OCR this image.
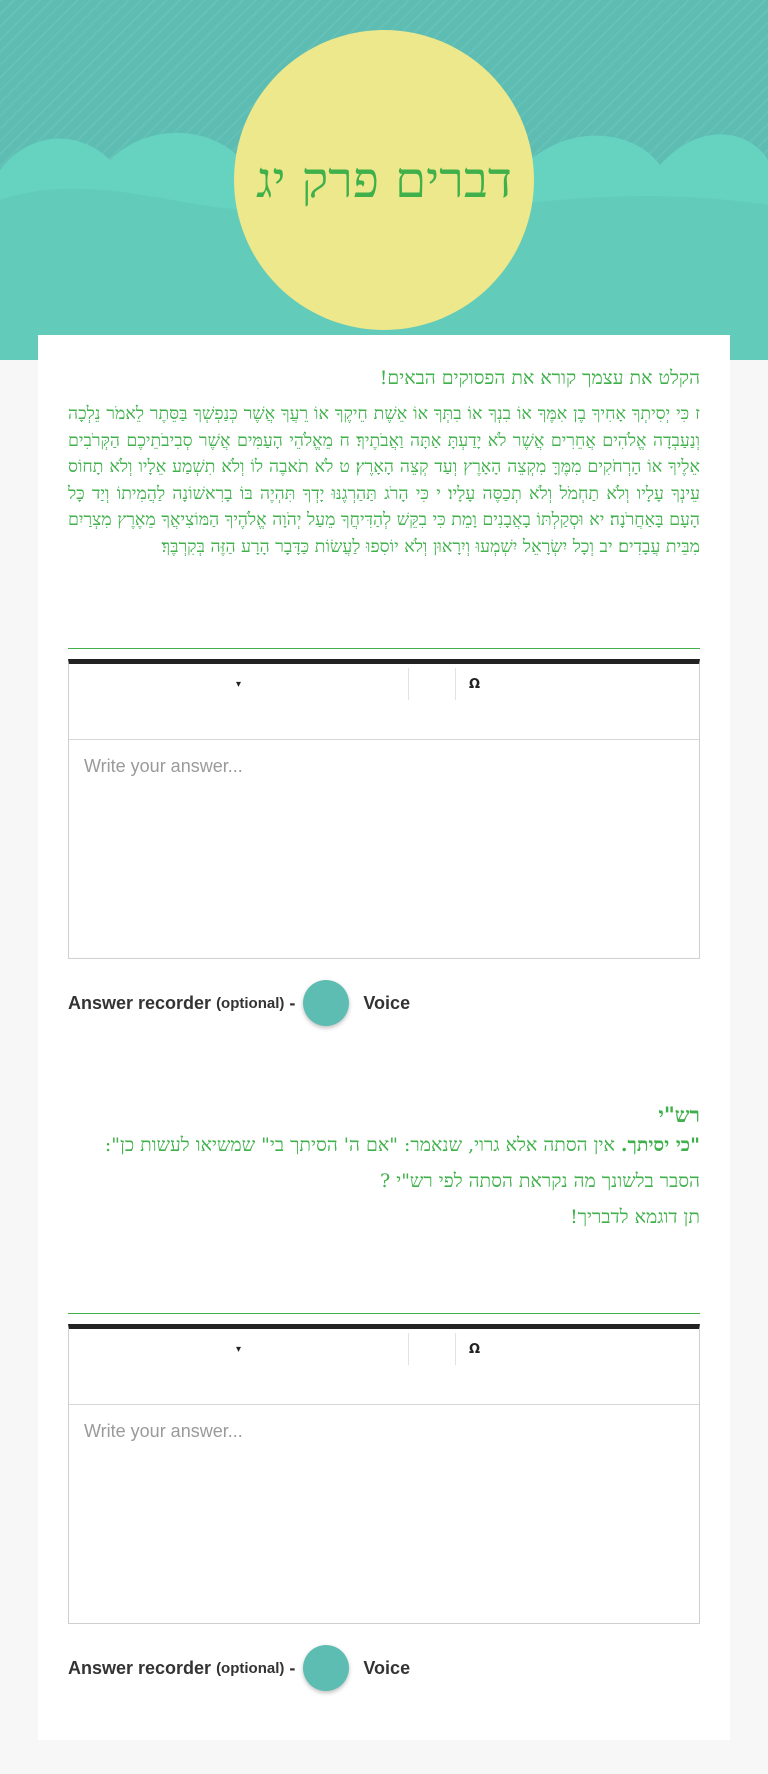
דברים פרק יג
הקלט את עצמך קורא את הפסוקים הבאים!
ז כִּי יְסִיתְךָ אָחִיךָ בֶן אִמֶּךָ אוֹ בִנְךָ אוֹ בִתְּךָ אוֹ אֵשֶׁת חֵיקֶךָ אוֹ רֵעֲךָ אֲשֶׁר כְּנַפְשְׁךָ בַּסֵּתֶר לֵאמֹר נֵלְכָה וְנַעַבְדָה אֱלֹהִים אֲחֵרִים אֲשֶׁר לֹא יָדַעְתָּ אַתָּה וַאֲבֹתֶיךָ׃ ח מֵאֱלֹהֵי הָעַמִּים אֲשֶׁר סְבִיבֹתֵיכֶם הַקְּרֹבִים אֵלֶיךָ אוֹ הָרְחֹקִים מִמֶּךָּ מִקְצֵה הָאָרֶץ וְעַד קְצֵה הָאָרֶץ׃ ט לֹא תֹאבֶה לוֹ וְלֹא תִשְׁמַע אֵלָיו וְלֹא תָחוֹס עֵינְךָ עָלָיו וְלֹא תַחְמֹל וְלֹא תְכַסֶּה עָלָיו׃ י כִּי הָרֹג תַּהַרְגֶנּוּ יָדְךָ תִּהְיֶה בּוֹ בָרִאשׁוֹנָה לַהֲמִיתוֹ וְיַד כָּל הָעָם בָּאַחֲרֹנָה׃ יא וּסְקַלְתּוֹ בָאֲבָנִים וָמֵת כִּי בִקֵּשׁ לְהַדִּיחֲךָ מֵעַל יְהֹוָה אֱלֹהֶיךָ הַמּוֹצִיאֲךָ מֵאֶרֶץ מִצְרַיִם מִבֵּית עֲבָדִים׃ יב וְכָל יִשְׂרָאֵל יִשְׁמְעוּ וְיִרָאוּן וְלֹא יוֹסִפוּ לַעֲשׂוֹת כַּדָּבָר הָרָע הַזֶּה בְּקִרְבֶּךָ׃
▾	Ω
Write your answer...
Answer recorder (optional) -	Voice
רש"י

"כי יסיתך. אין הסתה אלא גרוי, שנאמר: "אם ה' הסיתך בי" שמשיאו לעשות כן":

הסבר בלשונך מה נקראת הסתה לפי רש"י ?

תן דוגמא לדבריך!

▾	Ω
Write your answer...
Answer recorder (optional) -	Voice
